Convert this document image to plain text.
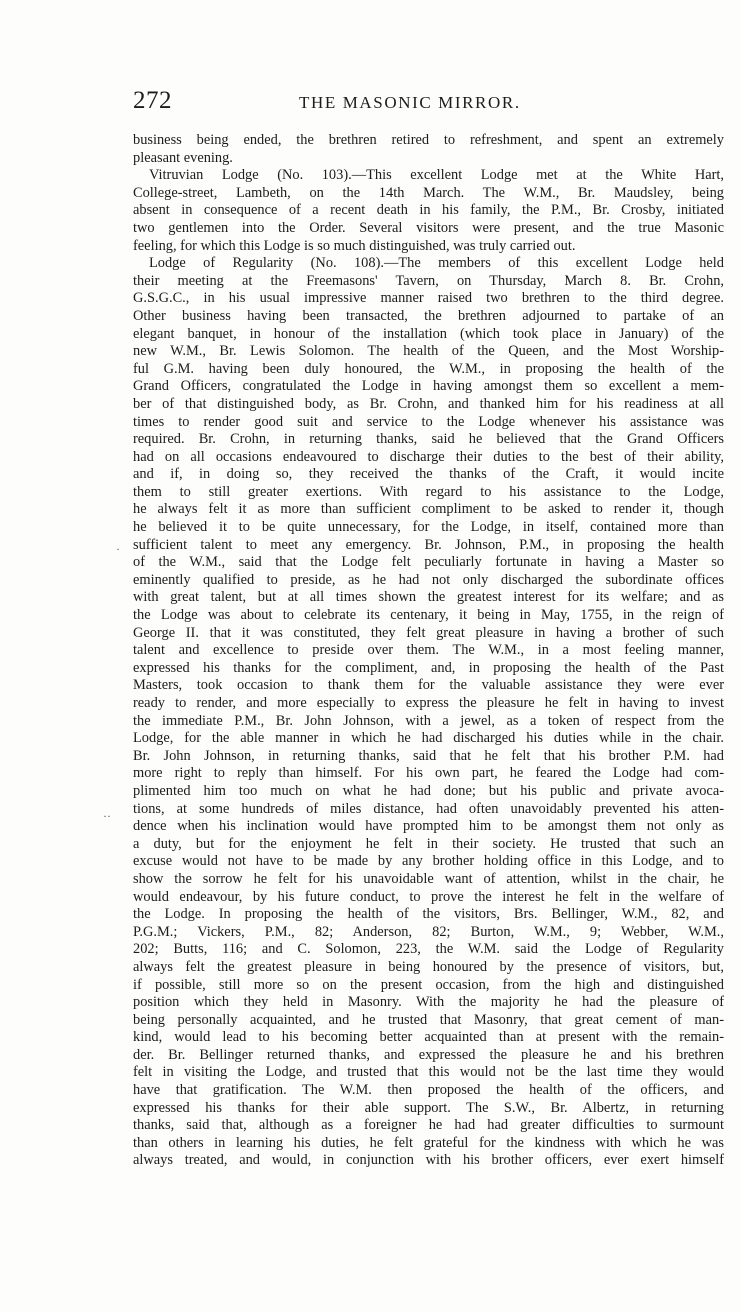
272	THE MASONIC MIRROR.
business being ended, the brethren retired to refreshment, and spent an extremely
pleasant evening.
Vitruvian Lodge (No. 103).—This excellent Lodge met at the White Hart,
College-street, Lambeth, on the 14th March. The W.M., Br. Maudsley, being
absent in consequence of a recent death in his family, the P.M., Br. Crosby, initiated
two gentlemen into the Order. Several visitors were present, and the true Masonic
feeling, for which this Lodge is so much distinguished, was truly carried out.
Lodge of Regularity (No. 108).—The members of this excellent Lodge held
their meeting at the Freemasons' Tavern, on Thursday, March 8. Br. Crohn,
G.S.G.C., in his usual impressive manner raised two brethren to the third degree.
Other business having been transacted, the brethren adjourned to partake of an
elegant banquet, in honour of the installation (which took place in January) of the
new W.M., Br. Lewis Solomon. The health of the Queen, and the Most Worship-
ful G.M. having been duly honoured, the W.M., in proposing the health of the
Grand Officers, congratulated the Lodge in having amongst them so excellent a mem-
ber of that distinguished body, as Br. Crohn, and thanked him for his readiness at all
times to render good suit and service to the Lodge whenever his assistance was
required. Br. Crohn, in returning thanks, said he believed that the Grand Officers
had on all occasions endeavoured to discharge their duties to the best of their ability,
and if, in doing so, they received the thanks of the Craft, it would incite
them to still greater exertions. With regard to his assistance to the Lodge,
he always felt it as more than sufficient compliment to be asked to render it, though
he believed it to be quite unnecessary, for the Lodge, in itself, contained more than
sufficient talent to meet any emergency. Br. Johnson, P.M., in proposing the health
of the W.M., said that the Lodge felt peculiarly fortunate in having a Master so
eminently qualified to preside, as he had not only discharged the subordinate offices
with great talent, but at all times shown the greatest interest for its welfare; and as
the Lodge was about to celebrate its centenary, it being in May, 1755, in the reign of
George II. that it was constituted, they felt great pleasure in having a brother of such
talent and excellence to preside over them. The W.M., in a most feeling manner,
expressed his thanks for the compliment, and, in proposing the health of the Past
Masters, took occasion to thank them for the valuable assistance they were ever
ready to render, and more especially to express the pleasure he felt in having to invest
the immediate P.M., Br. John Johnson, with a jewel, as a token of respect from the
Lodge, for the able manner in which he had discharged his duties while in the chair.
Br. John Johnson, in returning thanks, said that he felt that his brother P.M. had
more right to reply than himself. For his own part, he feared the Lodge had com-
plimented him too much on what he had done; but his public and private avoca-
tions, at some hundreds of miles distance, had often unavoidably prevented his atten-
dence when his inclination would have prompted him to be amongst them not only as
a duty, but for the enjoyment he felt in their society. He trusted that such an
excuse would not have to be made by any brother holding office in this Lodge, and to
show the sorrow he felt for his unavoidable want of attention, whilst in the chair, he
would endeavour, by his future conduct, to prove the interest he felt in the welfare of
the Lodge. In proposing the health of the visitors, Brs. Bellinger, W.M., 82, and
P.G.M.; Vickers, P.M., 82; Anderson, 82; Burton, W.M., 9; Webber, W.M.,
202; Butts, 116; and C. Solomon, 223, the W.M. said the Lodge of Regularity
always felt the greatest pleasure in being honoured by the presence of visitors, but,
if possible, still more so on the present occasion, from the high and distinguished
position which they held in Masonry. With the majority he had the pleasure of
being personally acquainted, and he trusted that Masonry, that great cement of man-
kind, would lead to his becoming better acquainted than at present with the remain-
der. Br. Bellinger returned thanks, and expressed the pleasure he and his brethren
felt in visiting the Lodge, and trusted that this would not be the last time they would
have that gratification. The W.M. then proposed the health of the officers, and
expressed his thanks for their able support. The S.W., Br. Albertz, in returning
thanks, said that, although as a foreigner he had had greater difficulties to surmount
than others in learning his duties, he felt grateful for the kindness with which he was
always treated, and would, in conjunction with his brother officers, ever exert himself
·
··
